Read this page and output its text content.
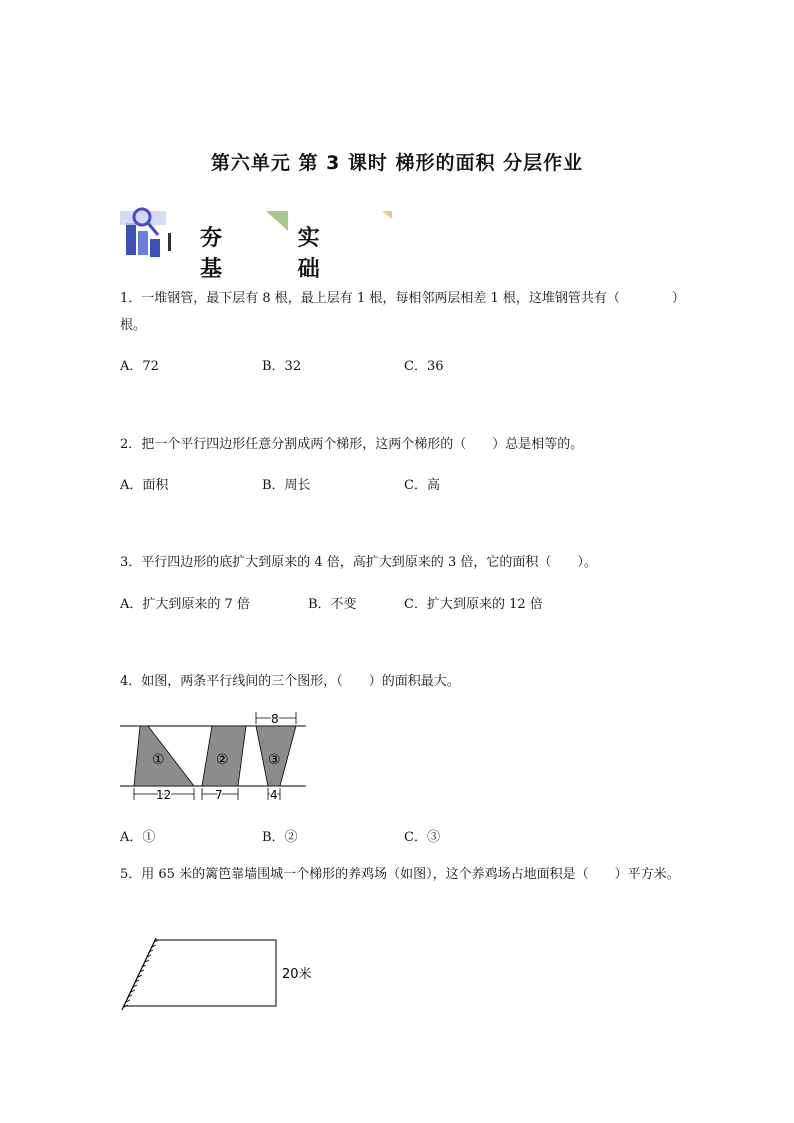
第六单元 第 3 课时 梯形的面积 分层作业
夯 实 基 础
1．一堆钢管，最下层有 8 根，最上层有 1 根，每相邻两层相差 1 根，这堆钢管共有（　　　　）根。
A．72	B．32	C．36
2．把一个平行四边形任意分割成两个梯形，这两个梯形的（　　）总是相等的。
A．面积	B．周长	C．高
3．平行四边形的底扩大到原来的 4 倍，高扩大到原来的 3 倍，它的面积（　　）。
A．扩大到原来的 7 倍	B．不变	C．扩大到原来的 12 倍
4．如图，两条平行线间的三个图形，（　　）的面积最大。
①	②	③
12	7
8
4
A．①	B．②	C．③
5．用 65 米的篱笆靠墙围城一个梯形的养鸡场（如图），这个养鸡场占地面积是（　　）平方米。
20米
